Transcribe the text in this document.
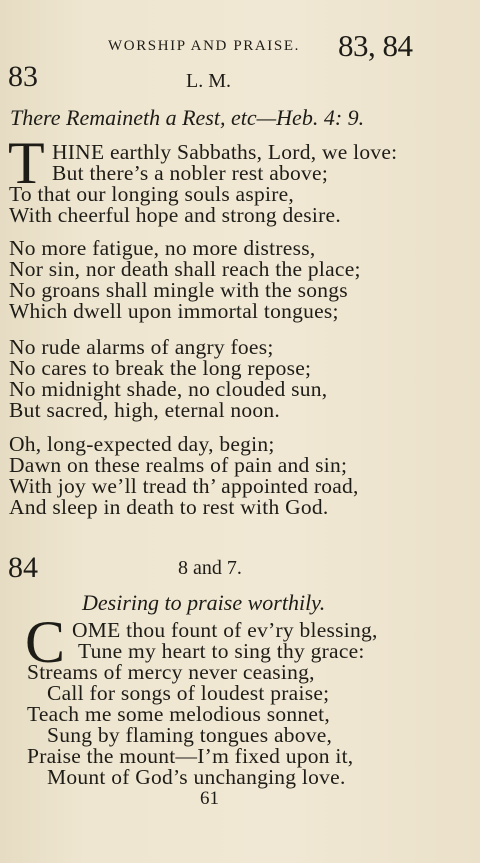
WORSHIP AND PRAISE. 83, 84
83	L. M.
There Remaineth a Rest, etc—Heb. 4: 9.
T HINE earthly Sabbaths, Lord, we love:
But there’s a nobler rest above;
To that our longing souls aspire,
With cheerful hope and strong desire.
No more fatigue, no more distress,
Nor sin, nor death shall reach the place;
No groans shall mingle with the songs
Which dwell upon immortal tongues;
No rude alarms of angry foes;
No cares to break the long repose;
No midnight shade, no clouded sun,
But sacred, high, eternal noon.
Oh, long-expected day, begin;
Dawn on these realms of pain and sin;
With joy we’ll tread th’ appointed road,
And sleep in death to rest with God.
84	8 and 7.
Desiring to praise worthily.
C OME thou fount of ev’ry blessing,
Tune my heart to sing thy grace:
Streams of mercy never ceasing,
Call for songs of loudest praise;
Teach me some melodious sonnet,
Sung by flaming tongues above,
Praise the mount—I’m fixed upon it,
Mount of God’s unchanging love.
61
